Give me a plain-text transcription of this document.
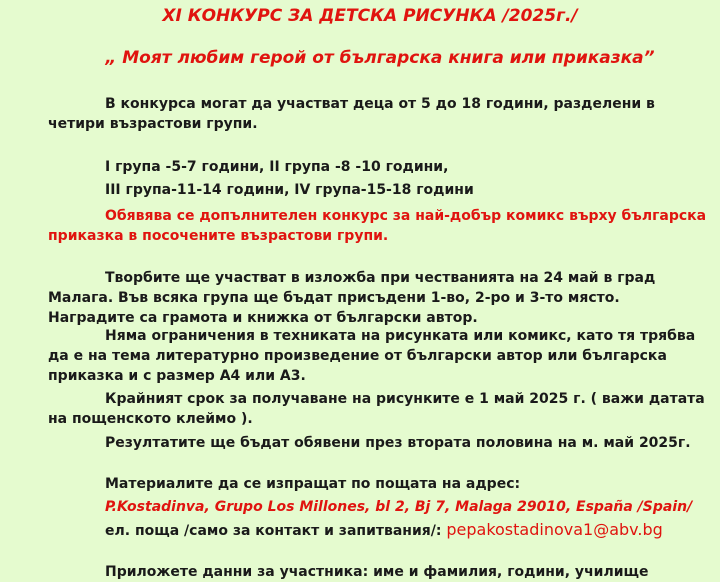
XI КОНКУРС ЗА ДЕТСКА РИСУНКА /2025г./
„ Моят любим герой от българска книга или приказка”
В конкурса могат да участват деца от 5 до 18 години, разделени в
четири възрастови групи.
I група -5-7 години, II група -8 -10 години,
III група-11-14 години, IV група-15-18 години
Обявява се допълнителен конкурс за най-добър комикс върху българска
приказка в посочените възрастови групи.
Творбите ще участват в изложба при честванията на 24 май в град
Малага. Във всяка група ще бъдат присъдени 1-во, 2-ро и 3-то място.
Наградите са грамота и книжка от български автор.
Няма ограничения в техниката на рисунката или комикс, като тя трябва
да е на тема литературно произведение от български автор или българска
приказка и с размер А4 или А3.
Крайният срок за получаване на рисунките е 1 май 2025 г. ( важи датата
на пощенското клеймо ).
Резултатите ще бъдат обявени през втората половина на м. май 2025г.
Материалите да се изпращат по пощата на адрес:
P.Kostadinva, Grupo Los Millones, bl 2, Bj 7, Malaga 29010, España /Spain/
ел. поща /само за контакт и запитвания/: pepakostadinova1@abv.bg
Приложете данни за участника: име и фамилия, години, училище
